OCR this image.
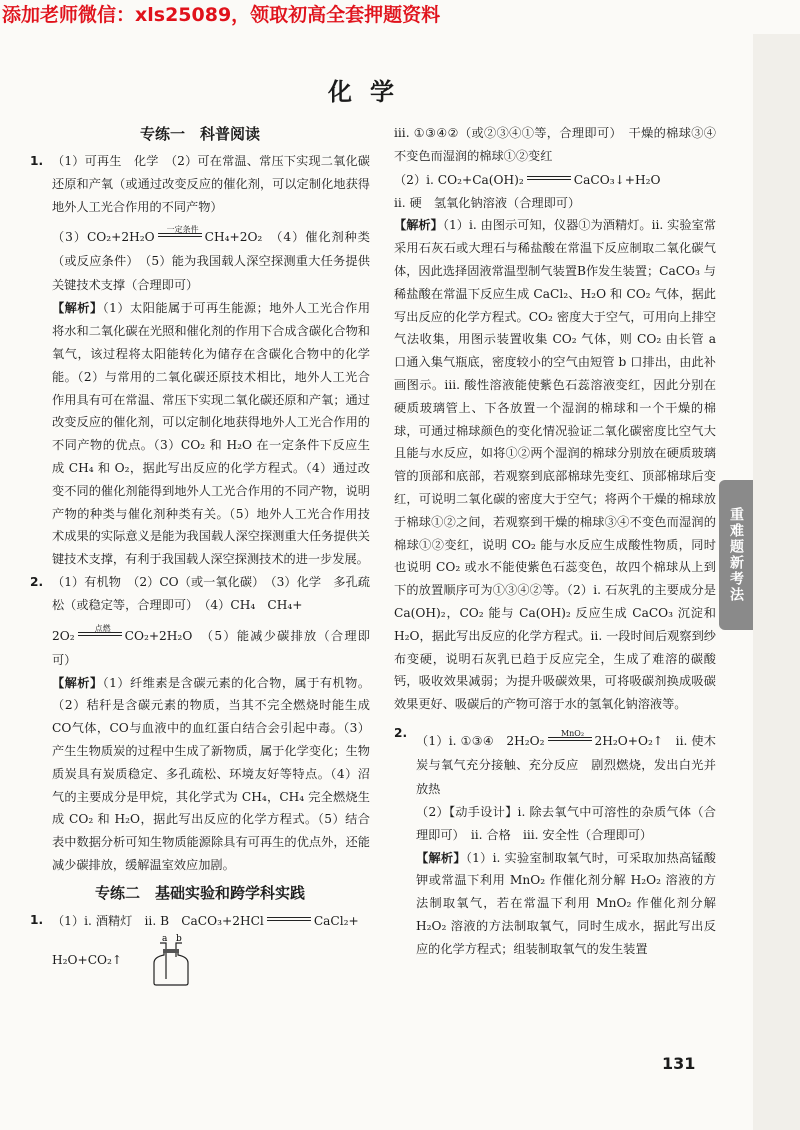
添加老师微信：xls25089，领取初高全套押题资料
化学
专练一　科普阅读
1. （1）可再生　化学　（2）可在常温、常压下实现二氧化碳还原和产氧（或通过改变反应的催化剂，可以定制化地获得地外人工光合作用的不同产物）

（3）CO₂+2H₂O一定条件CH₄+2O₂　（4）催化剂种类（或反应条件）　（5）能为我国载人深空探测重大任务提供关键技术支撑（合理即可）

【解析】（1）太阳能属于可再生能源；地外人工光合作用将水和二氧化碳在光照和催化剂的作用下合成含碳化合物和氧气，该过程将太阳能转化为储存在含碳化合物中的化学能。（2）与常用的二氧化碳还原技术相比，地外人工光合作用具有可在常温、常压下实现二氧化碳还原和产氧；通过改变反应的催化剂，可以定制化地获得地外人工光合作用的不同产物的优点。（3）CO₂ 和 H₂O 在一定条件下反应生成 CH₄ 和 O₂，据此写出反应的化学方程式。（4）通过改变不同的催化剂能得到地外人工光合作用的不同产物，说明产物的种类与催化剂种类有关。（5）地外人工光合作用技术成果的实际意义是能为我国载人深空探测重大任务提供关键技术支撑，有利于我国载人深空探测技术的进一步发展。

2. （1）有机物　（2）CO（或一氧化碳）　（3）化学　多孔疏松（或稳定等，合理即可）　（4）CH₄　CH₄+

2O₂点燃CO₂+2H₂O　（5）能减少碳排放（合理即可）

【解析】（1）纤维素是含碳元素的化合物，属于有机物。（2）秸秆是含碳元素的物质，当其不完全燃烧时能生成CO气体，CO与血液中的血红蛋白结合会引起中毒。（3）产生生物质炭的过程中生成了新物质，属于化学变化；生物质炭具有炭质稳定、多孔疏松、环境友好等特点。（4）沼气的主要成分是甲烷，其化学式为 CH₄，CH₄ 完全燃烧生成 CO₂ 和 H₂O，据此写出反应的化学方程式。（5）结合表中数据分析可知生物质能源除具有可再生的优点外，还能减少碳排放，缓解温室效应加剧。

专练二　基础实验和跨学科实践
1. （1）i. 酒精灯　ii. B　CaCO₃+2HCl	CaCl₂+

H₂O+CO₂↑
a b

iii. ①③④②（或②③④①等，合理即可）　干燥的棉球③④不变色而湿润的棉球①②变红

（2）i. CO₂+Ca(OH)₂	CaCO₃↓+H₂O

ii. 硬　氢氧化钠溶液（合理即可）

【解析】（1）i. 由图示可知，仪器①为酒精灯。ii. 实验室常采用石灰石或大理石与稀盐酸在常温下反应制取二氧化碳气体，因此选择固液常温型制气装置B作发生装置；CaCO₃ 与稀盐酸在常温下反应生成 CaCl₂、H₂O 和 CO₂ 气体，据此写出反应的化学方程式。CO₂ 密度大于空气，可用向上排空气法收集，用图示装置收集 CO₂ 气体，则 CO₂ 由长管 a 口通入集气瓶底，密度较小的空气由短管 b 口排出，由此补画图示。iii. 酸性溶液能使紫色石蕊溶液变红，因此分别在硬质玻璃管上、下各放置一个湿润的棉球和一个干燥的棉球，可通过棉球颜色的变化情况验证二氧化碳密度比空气大且能与水反应，如将①②两个湿润的棉球分别放在硬质玻璃管的顶部和底部，若观察到底部棉球先变红、顶部棉球后变红，可说明二氧化碳的密度大于空气；将两个干燥的棉球放于棉球①②之间，若观察到干燥的棉球③④不变色而湿润的棉球①②变红，说明 CO₂ 能与水反应生成酸性物质，同时也说明 CO₂ 或水不能使紫色石蕊变色，故四个棉球从上到下的放置顺序可为①③④②等。（2）i. 石灰乳的主要成分是 Ca(OH)₂，CO₂ 能与 Ca(OH)₂ 反应生成 CaCO₃ 沉淀和 H₂O，据此写出反应的化学方程式。ii. 一段时间后观察到纱布变硬，说明石灰乳已趋于反应完全，生成了难溶的碳酸钙，吸收效果减弱；为提升吸碳效果，可将吸碳剂换成吸碳效果更好、吸碳后的产物可溶于水的氢氧化钠溶液等。

2.

（1）i. ①③④　2H₂O₂MnO₂2H₂O+O₂↑　ii. 使木炭与氧气充分接触、充分反应　剧烈燃烧，发出白光并放热

（2）【动手设计】i. 除去氧气中可溶性的杂质气体（合理即可）　ii. 合格　iii. 安全性（合理即可）

【解析】（1）i. 实验室制取氧气时，可采取加热高锰酸钾或常温下利用 MnO₂ 作催化剂分解 H₂O₂ 溶液的方法制取氧气，若在常温下利用 MnO₂ 作催化剂分解 H₂O₂ 溶液的方法制取氧气，同时生成水，据此写出反应的化学方程式；组装制取氧气的发生装置

重难题新考法
131
